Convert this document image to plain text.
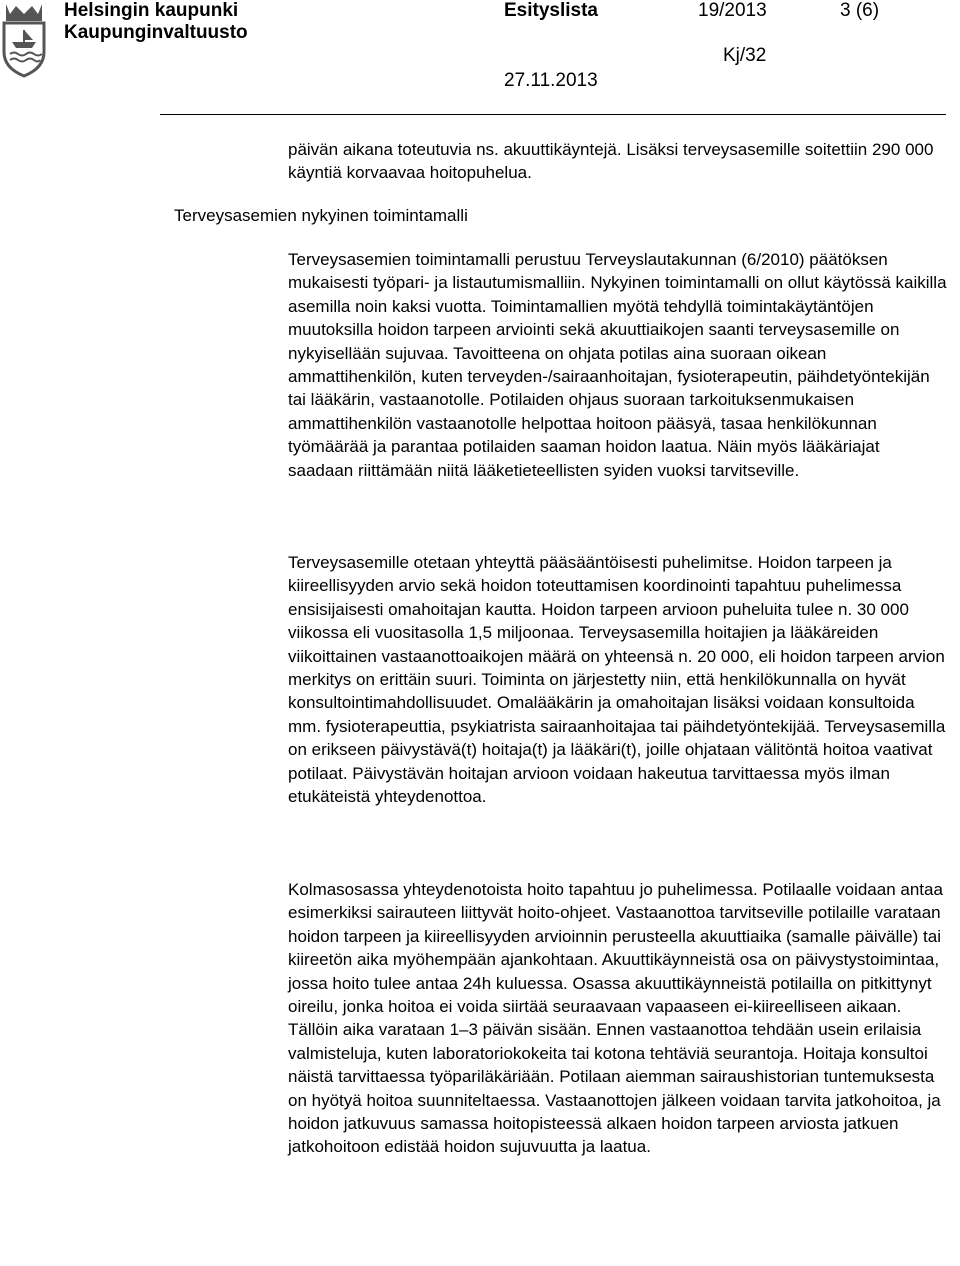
Helsingin kaupunki
Kaupunginvaltuusto
Esityslista	19/2013	3 (6)
Kj/32
27.11.2013

päivän aikana toteutuvia ns. akuuttikäyntejä. Lisäksi terveysasemille soitettiin 290 000 käyntiä korvaavaa hoitopuhelua.

Terveysasemien nykyinen toimintamalli

Terveysasemien toimintamalli perustuu Terveyslautakunnan (6/2010) päätöksen mukaisesti työpari- ja listautumismalliin. Nykyinen toimintamalli on ollut käytössä kaikilla asemilla noin kaksi vuotta. Toimintamallien myötä tehdyllä toimintakäytäntöjen muutoksilla hoidon tarpeen arviointi sekä akuuttiaikojen saanti terveysasemille on nykyisellään sujuvaa. Tavoitteena on ohjata potilas aina suoraan oikean ammattihenkilön, kuten terveyden-/sairaanhoitajan, fysioterapeutin, päihdetyöntekijän tai lääkärin, vastaanotolle. Potilaiden ohjaus suoraan tarkoituksenmukaisen ammattihenkilön vastaanotolle helpottaa hoitoon pääsyä, tasaa henkilökunnan työmäärää ja parantaa potilaiden saaman hoidon laatua. Näin myös lääkäriajat saadaan riittämään niitä lääketieteellisten syiden vuoksi tarvitseville.

Terveysasemille otetaan yhteyttä pääsääntöisesti puhelimitse. Hoidon tarpeen ja kiireellisyyden arvio sekä hoidon toteuttamisen koordinointi tapahtuu puhelimessa ensisijaisesti omahoitajan kautta. Hoidon tarpeen arvioon puheluita tulee n. 30 000 viikossa eli vuositasolla 1,5 miljoonaa. Terveysasemilla hoitajien ja lääkäreiden viikoittainen vastaanottoaikojen määrä on yhteensä n. 20 000, eli hoidon tarpeen arvion merkitys on erittäin suuri. Toiminta on järjestetty niin, että henkilökunnalla on hyvät konsultointimahdollisuudet. Omalääkärin ja omahoitajan lisäksi voidaan konsultoida mm. fysioterapeuttia, psykiatrista sairaanhoitajaa tai päihdetyöntekijää. Terveysasemilla on erikseen päivystävä(t) hoitaja(t) ja lääkäri(t), joille ohjataan välitöntä hoitoa vaativat potilaat. Päivystävän hoitajan arvioon voidaan hakeutua tarvittaessa myös ilman etukäteistä yhteydenottoa.

Kolmasosassa yhteydenotoista hoito tapahtuu jo puhelimessa. Potilaalle voidaan antaa esimerkiksi sairauteen liittyvät hoito-ohjeet. Vastaanottoa tarvitseville potilaille varataan hoidon tarpeen ja kiireellisyyden arvioinnin perusteella akuuttiaika (samalle päivälle) tai kiireetön aika myöhempään ajankohtaan. Akuuttikäynneistä osa on päivystystoimintaa, jossa hoito tulee antaa 24h kuluessa. Osassa akuuttikäynneistä potilailla on pitkittynyt oireilu, jonka hoitoa ei voida siirtää seuraavaan vapaaseen ei-kiireelliseen aikaan. Tällöin aika varataan 1–3 päivän sisään. Ennen vastaanottoa tehdään usein erilaisia valmisteluja, kuten laboratoriokokeita tai kotona tehtäviä seurantoja. Hoitaja konsultoi näistä tarvittaessa työpariläkäriään. Potilaan aiemman sairaushistorian tuntemuksesta on hyötyä hoitoa suunniteltaessa. Vastaanottojen jälkeen voidaan tarvita jatkohoitoa, ja hoidon jatkuvuus samassa hoitopisteessä alkaen hoidon tarpeen arviosta jatkuen jatkohoitoon edistää hoidon sujuvuutta ja laatua.
